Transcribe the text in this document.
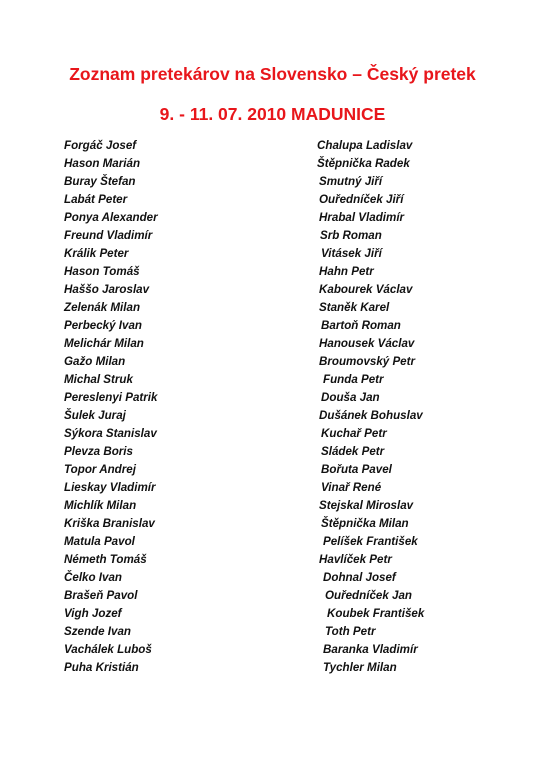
Zoznam pretekárov na Slovensko – Český pretek
9. - 11. 07. 2010 MADUNICE
Forgáč Josef
Hason Marián
Buray Štefan
Labát Peter
Ponya Alexander
Freund Vladimír
Králik Peter
Hason Tomáš
Haššo Jaroslav
Zelenák Milan
Perbecký Ivan
Melichár Milan
Gažo Milan
Michal Struk
Pereslenyi Patrik
Šulek Juraj
Sýkora Stanislav
Plevza Boris
Topor Andrej
Lieskay Vladimír
Michlík Milan
Kriška Branislav
Matula Pavol
Németh Tomáš
Čelko Ivan
Brašeň Pavol
Vigh Jozef
Szende Ivan
Vachálek Luboš
Puha Kristián
Chalupa Ladislav
Štěpnička Radek
Smutný Jiří
Ouředníček Jiří
Hrabal Vladimír
Srb Roman
Vitásek Jiří
Hahn Petr
Kabourek Václav
Staněk Karel
Bartoň Roman
Hanousek Václav
Broumovský Petr
Funda Petr
Douša Jan
Dušánek Bohuslav
Kuchař Petr
Sládek Petr
Bořuta Pavel
Vinař René
Stejskal Miroslav
Štěpnička Milan
Pelíšek František
Havlíček Petr
Dohnal Josef
Ouředníček Jan
Koubek František
Toth Petr
Baranka Vladimír
Tychler Milan
